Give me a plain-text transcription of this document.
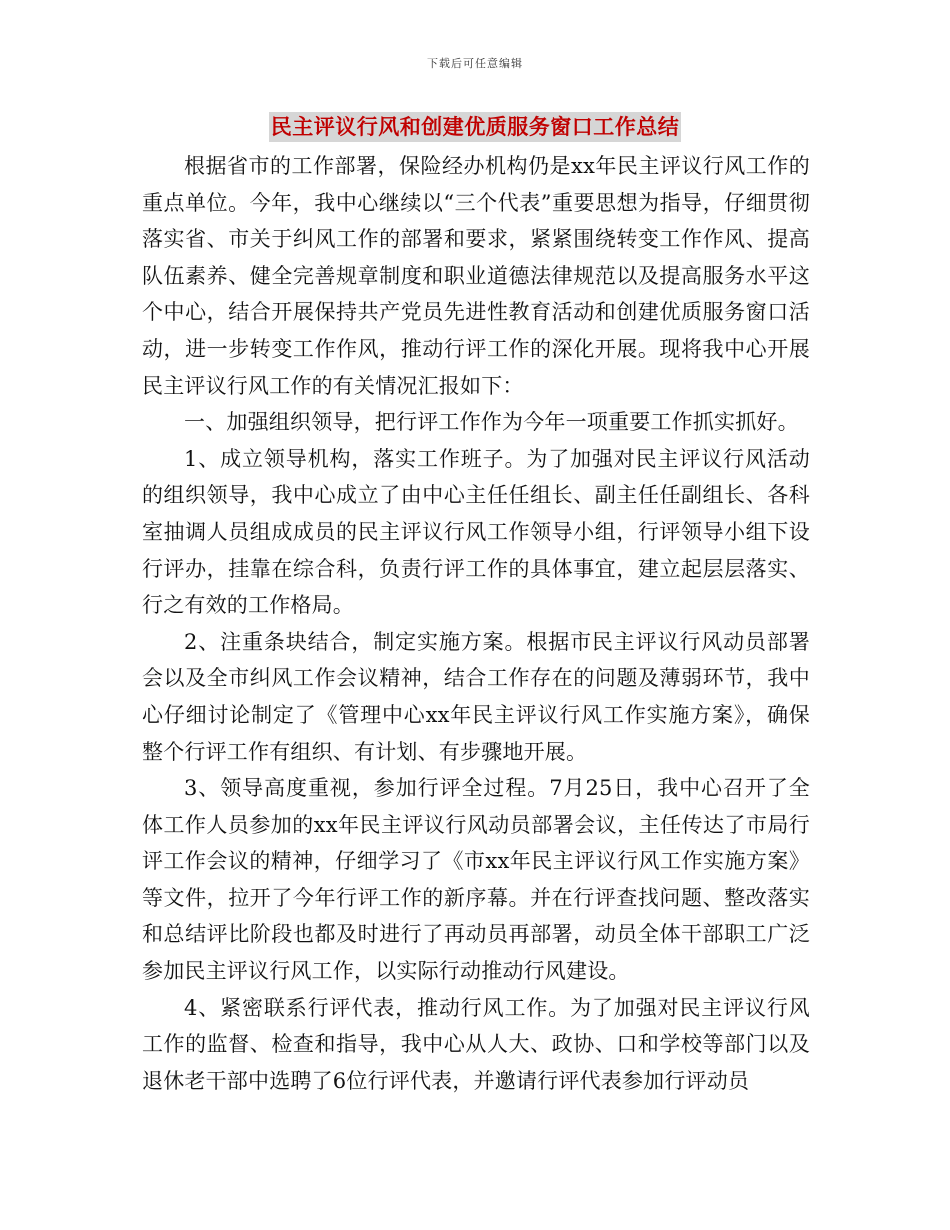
下载后可任意编辑
民主评议行风和创建优质服务窗口工作总结

根据省市的工作部署，保险经办机构仍是xx年民主评议行风工作的重点单位。今年，我中心继续以“三个代表”重要思想为指导，仔细贯彻落实省、市关于纠风工作的部署和要求，紧紧围绕转变工作作风、提高队伍素养、健全完善规章制度和职业道德法律规范以及提高服务水平这个中心，结合开展保持共产党员先进性教育活动和创建优质服务窗口活动，进一步转变工作作风，推动行评工作的深化开展。现将我中心开展民主评议行风工作的有关情况汇报如下：

一、加强组织领导，把行评工作作为今年一项重要工作抓实抓好。

1、成立领导机构，落实工作班子。为了加强对民主评议行风活动的组织领导，我中心成立了由中心主任任组长、副主任任副组长、各科室抽调人员组成成员的民主评议行风工作领导小组，行评领导小组下设行评办，挂靠在综合科，负责行评工作的具体事宜，建立起层层落实、行之有效的工作格局。

2、注重条块结合，制定实施方案。根据市民主评议行风动员部署会以及全市纠风工作会议精神，结合工作存在的问题及薄弱环节，我中心仔细讨论制定了《管理中心xx年民主评议行风工作实施方案》，确保整个行评工作有组织、有计划、有步骤地开展。

3、领导高度重视，参加行评全过程。7月25日，我中心召开了全体工作人员参加的xx年民主评议行风动员部署会议，主任传达了市局行评工作会议的精神，仔细学习了《市xx年民主评议行风工作实施方案》等文件，拉开了今年行评工作的新序幕。并在行评查找问题、整改落实和总结评比阶段也都及时进行了再动员再部署，动员全体干部职工广泛参加民主评议行风工作，以实际行动推动行风建设。

4、紧密联系行评代表，推动行风工作。为了加强对民主评议行风工作的监督、检查和指导，我中心从人大、政协、口和学校等部门以及退休老干部中选聘了6位行评代表，并邀请行评代表参加行评动员
